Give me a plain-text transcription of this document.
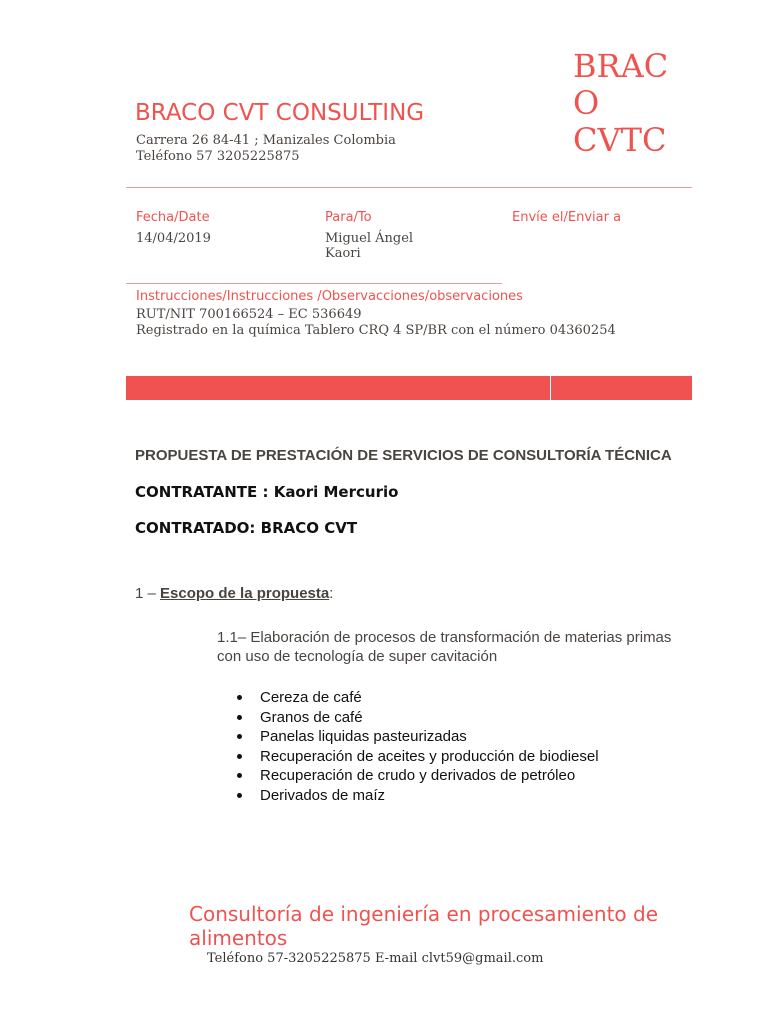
BRACO CVT CONSULTING
Carrera 26 84-41 ; Manizales Colombia
Teléfono 57 3205225875
BRAC
O
CVTC
Fecha/Date	Para/To	Envíe el/Enviar a
14/04/2019	Miguel Ángel
Kaori
Instrucciones/Instrucciones /Observacciones/observaciones
RUT/NIT 700166524 – EC 536649
Registrado en la química Tablero CRQ 4 SP/BR con el número 04360254
PROPUESTA DE PRESTACIÓN DE SERVICIOS DE CONSULTORÍA TÉCNICA
CONTRATANTE : Kaori Mercurio
CONTRATADO: BRACO CVT
1 – Escopo de la propuesta:
1.1– Elaboración de procesos de transformación de materias primas con uso de tecnología de super cavitación
Cereza de café
Granos de café
Panelas liquidas pasteurizadas
Recuperación de aceites y producción de biodiesel
Recuperación de crudo y derivados de petróleo
Derivados de maíz
Consultoría de ingeniería en procesamiento de alimentos
Teléfono 57-3205225875 E-mail clvt59@gmail.com
